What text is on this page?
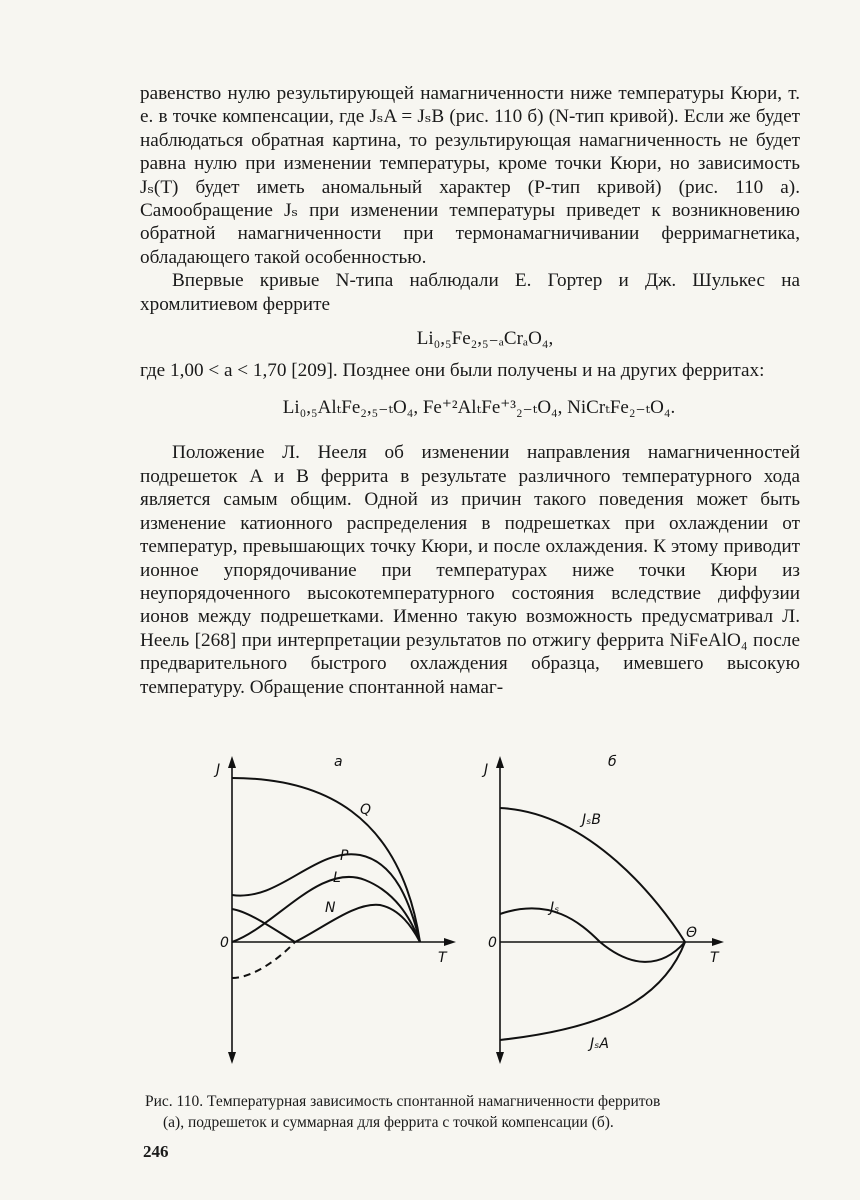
равенство нулю результирующей намагниченности ниже температуры Кюри, т. е. в точке компенсации, где JₛA = JₛB (рис. 110 б) (N-тип кривой). Если же будет наблюдаться обратная картина, то результирующая намагниченность не будет равна нулю при изменении температуры, кроме точки Кюри, но зависимость Jₛ(T) будет иметь аномальный характер (P-тип кривой) (рис. 110 а). Самообращение Jₛ при изменении температуры приведет к возникновению обратной намагниченности при термонамагничивании ферримагнетика, обладающего такой особенностью.

Впервые кривые N-типа наблюдали Е. Гортер и Дж. Шулькес на хромлитиевом феррите

Li₀,₅Fe₂,₅₋ₐCrₐO₄,

где 1,00 < a < 1,70 [209]. Позднее они были получены и на других ферритах:

Li₀,₅AlₜFe₂,₅₋ₜO₄, Fe⁺²AlₜFe⁺³₂₋ₜO₄, NiCrₜFe₂₋ₜO₄.

Положение Л. Нееля об изменении направления намагниченностей подрешеток A и B феррита в результате различного температурного хода является самым общим. Одной из причин такого поведения может быть изменение катионного распределения в подрешетках при охлаждении от температур, превышающих точку Кюри, и после охлаждения. К этому приводит ионное упорядочивание при температурах ниже точки Кюри из неупорядоченного высокотемпературного состояния вследствие диффузии ионов между подрешетками. Именно такую возможность предусматривал Л. Неель [268] при интерпретации результатов по отжигу феррита NiFeAlO₄ после предварительного быстрого охлаждения образца, имевшего высокую температуру. Обращение спонтанной намаг-

J	а
0
T
Q
P
L
N
J	б
0
T
Θ
JₛB
Jₛ
JₛA
Рис. 110. Температурная зависимость спонтанной намагниченности ферритов
(а), подрешеток и суммарная для феррита с точкой компенсации (б).
246
